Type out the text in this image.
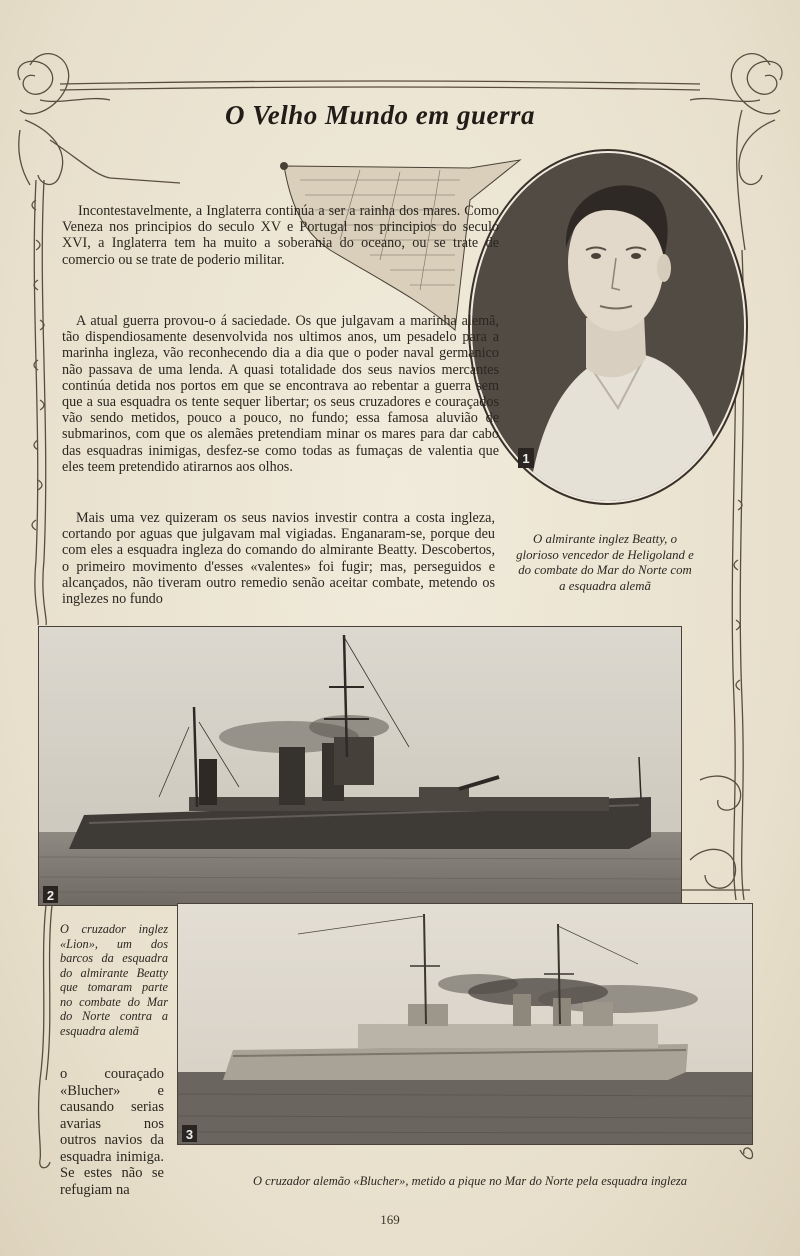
O Velho Mundo em guerra
1

Incontestavelmente, a Inglaterra continúa a ser a rainha dos mares. Como Veneza nos principios do seculo XV e Portugal nos principios do seculo XVI, a Inglaterra tem ha muito a soberania do oceano, ou se trate de comercio ou se trate de poderio militar.

A atual guerra provou-o á saciedade. Os que julgavam a marinha alemã, tão dispendiosamente desenvolvida nos ultimos anos, um pesadelo para a marinha ingleza, vão reconhecendo dia a dia que o poder naval germanico não passava de uma lenda. A quasi totalidade dos seus navios mercantes continúa detida nos portos em que se encontrava ao rebentar a guerra sem que a sua esquadra os tente sequer libertar; os seus cruzadores e couraçados vão sendo metidos, pouco a pouco, no fundo; essa famosa aluvião de submarinos, com que os alemães pretendiam minar os mares para dar cabo das esquadras inimigas, desfez-se como todas as fumaças de valentia que eles teem pretendido atirarnos aos olhos.

Mais uma vez quizeram os seus navios investir contra a costa ingleza, cortando por aguas que julgavam mal vigiadas. Enganaram-se, porque deu com eles a esquadra ingleza do comando do almirante Beatty. Descobertos, o primeiro movimento d'esses «valentes» foi fugir; mas, perseguidos e alcançados, não tiveram outro remedio senão aceitar combate, metendo os inglezes no fundo

O almirante inglez Beatty, o glorioso vencedor de Heligoland e do combate do Mar do Norte com a esquadra alemã
2
O cruzador inglez «Lion», um dos barcos da esquadra do almirante Beatty que tomaram parte no combate do Mar do Norte contra a esquadra alemã

o couraçado «Blucher» e causando serias avarias nos outros navios da esquadra inimiga. Se estes não se refugiam na

3
O cruzador alemão «Blucher», metido a pique no Mar do Norte pela esquadra ingleza
169
